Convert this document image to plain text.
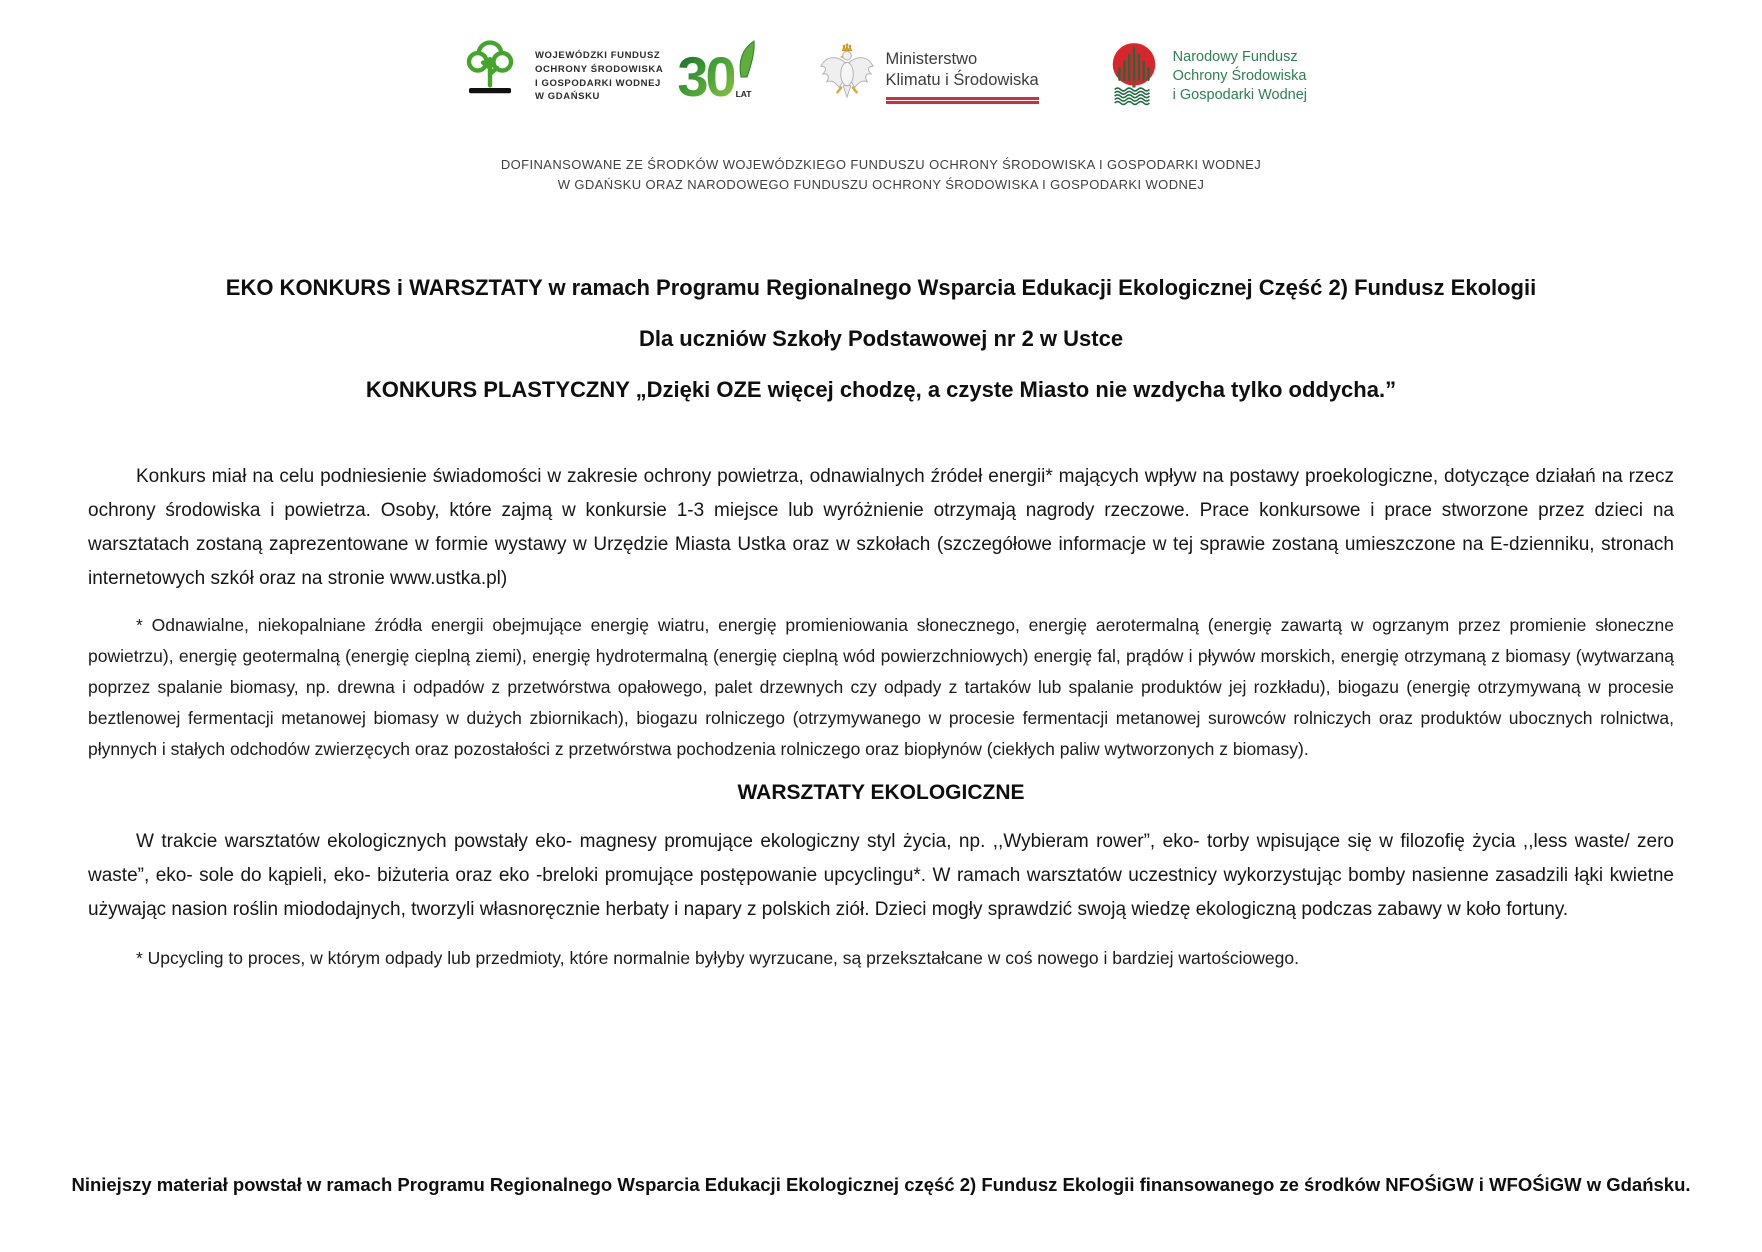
WOJEWÓDZKI FUNDUSZ
OCHRONY ŚRODOWISKA
I GOSPODARKI WODNEJ
W GDAŃSKU	30 LAT
Ministerstwo
Klimatu i Środowiska
Narodowy Fundusz
Ochrony Środowiska
i Gospodarki Wodnej
DOFINANSOWANE ZE ŚRODKÓW WOJEWÓDZKIEGO FUNDUSZU OCHRONY ŚRODOWISKA I GOSPODARKI WODNEJ
W GDAŃSKU ORAZ NARODOWEGO FUNDUSZU OCHRONY ŚRODOWISKA I GOSPODARKI WODNEJ
EKO KONKURS i WARSZTATY w ramach Programu Regionalnego Wsparcia Edukacji Ekologicznej Część 2) Fundusz Ekologii
Dla uczniów Szkoły Podstawowej nr 2 w Ustce
KONKURS PLASTYCZNY „Dzięki OZE więcej chodzę, a czyste Miasto nie wzdycha tylko oddycha.”

Konkurs miał na celu podniesienie świadomości w zakresie ochrony powietrza, odnawialnych źródeł energii* mających wpływ na postawy proekologiczne, dotyczące działań na rzecz ochrony środowiska i powietrza. Osoby, które zajmą w konkursie 1-3 miejsce lub wyróżnienie otrzymają nagrody rzeczowe. Prace konkursowe i prace stworzone przez dzieci na warsztatach zostaną zaprezentowane w formie wystawy w Urzędzie Miasta Ustka oraz w szkołach (szczegółowe informacje w tej sprawie zostaną umieszczone na E-dzienniku, stronach internetowych szkół oraz na stronie www.ustka.pl)

* Odnawialne, niekopalniane źródła energii obejmujące energię wiatru, energię promieniowania słonecznego, energię aerotermalną (energię zawartą w ogrzanym przez promienie słoneczne powietrzu), energię geotermalną (energię cieplną ziemi), energię hydrotermalną (energię cieplną wód powierzchniowych) energię fal, prądów i pływów morskich, energię otrzymaną z biomasy (wytwarzaną poprzez spalanie biomasy, np. drewna i odpadów z przetwórstwa opałowego, palet drzewnych czy odpady z tartaków lub spalanie produktów jej rozkładu), biogazu (energię otrzymywaną w procesie beztlenowej fermentacji metanowej biomasy w dużych zbiornikach), biogazu rolniczego (otrzymywanego w procesie fermentacji metanowej surowców rolniczych oraz produktów ubocznych rolnictwa, płynnych i stałych odchodów zwierzęcych oraz pozostałości z przetwórstwa pochodzenia rolniczego oraz biopłynów (ciekłych paliw wytworzonych z biomasy).

WARSZTATY EKOLOGICZNE

W trakcie warsztatów ekologicznych powstały eko- magnesy promujące ekologiczny styl życia, np. ,,Wybieram rower”, eko- torby wpisujące się w filozofię życia ,,less waste/ zero waste”, eko- sole do kąpieli, eko- biżuteria oraz eko -breloki promujące postępowanie upcyclingu*. W ramach warsztatów uczestnicy wykorzystując bomby nasienne zasadzili łąki kwietne używając nasion roślin miododajnych, tworzyli własnoręcznie herbaty i napary z polskich ziół. Dzieci mogły sprawdzić swoją wiedzę ekologiczną podczas zabawy w koło fortuny.

* Upcycling to proces, w którym odpady lub przedmioty, które normalnie byłyby wyrzucane, są przekształcane w coś nowego i bardziej wartościowego.

Niniejszy materiał powstał w ramach Programu Regionalnego Wsparcia Edukacji Ekologicznej część 2) Fundusz Ekologii finansowanego ze środków NFOŚiGW i WFOŚiGW w Gdańsku.
